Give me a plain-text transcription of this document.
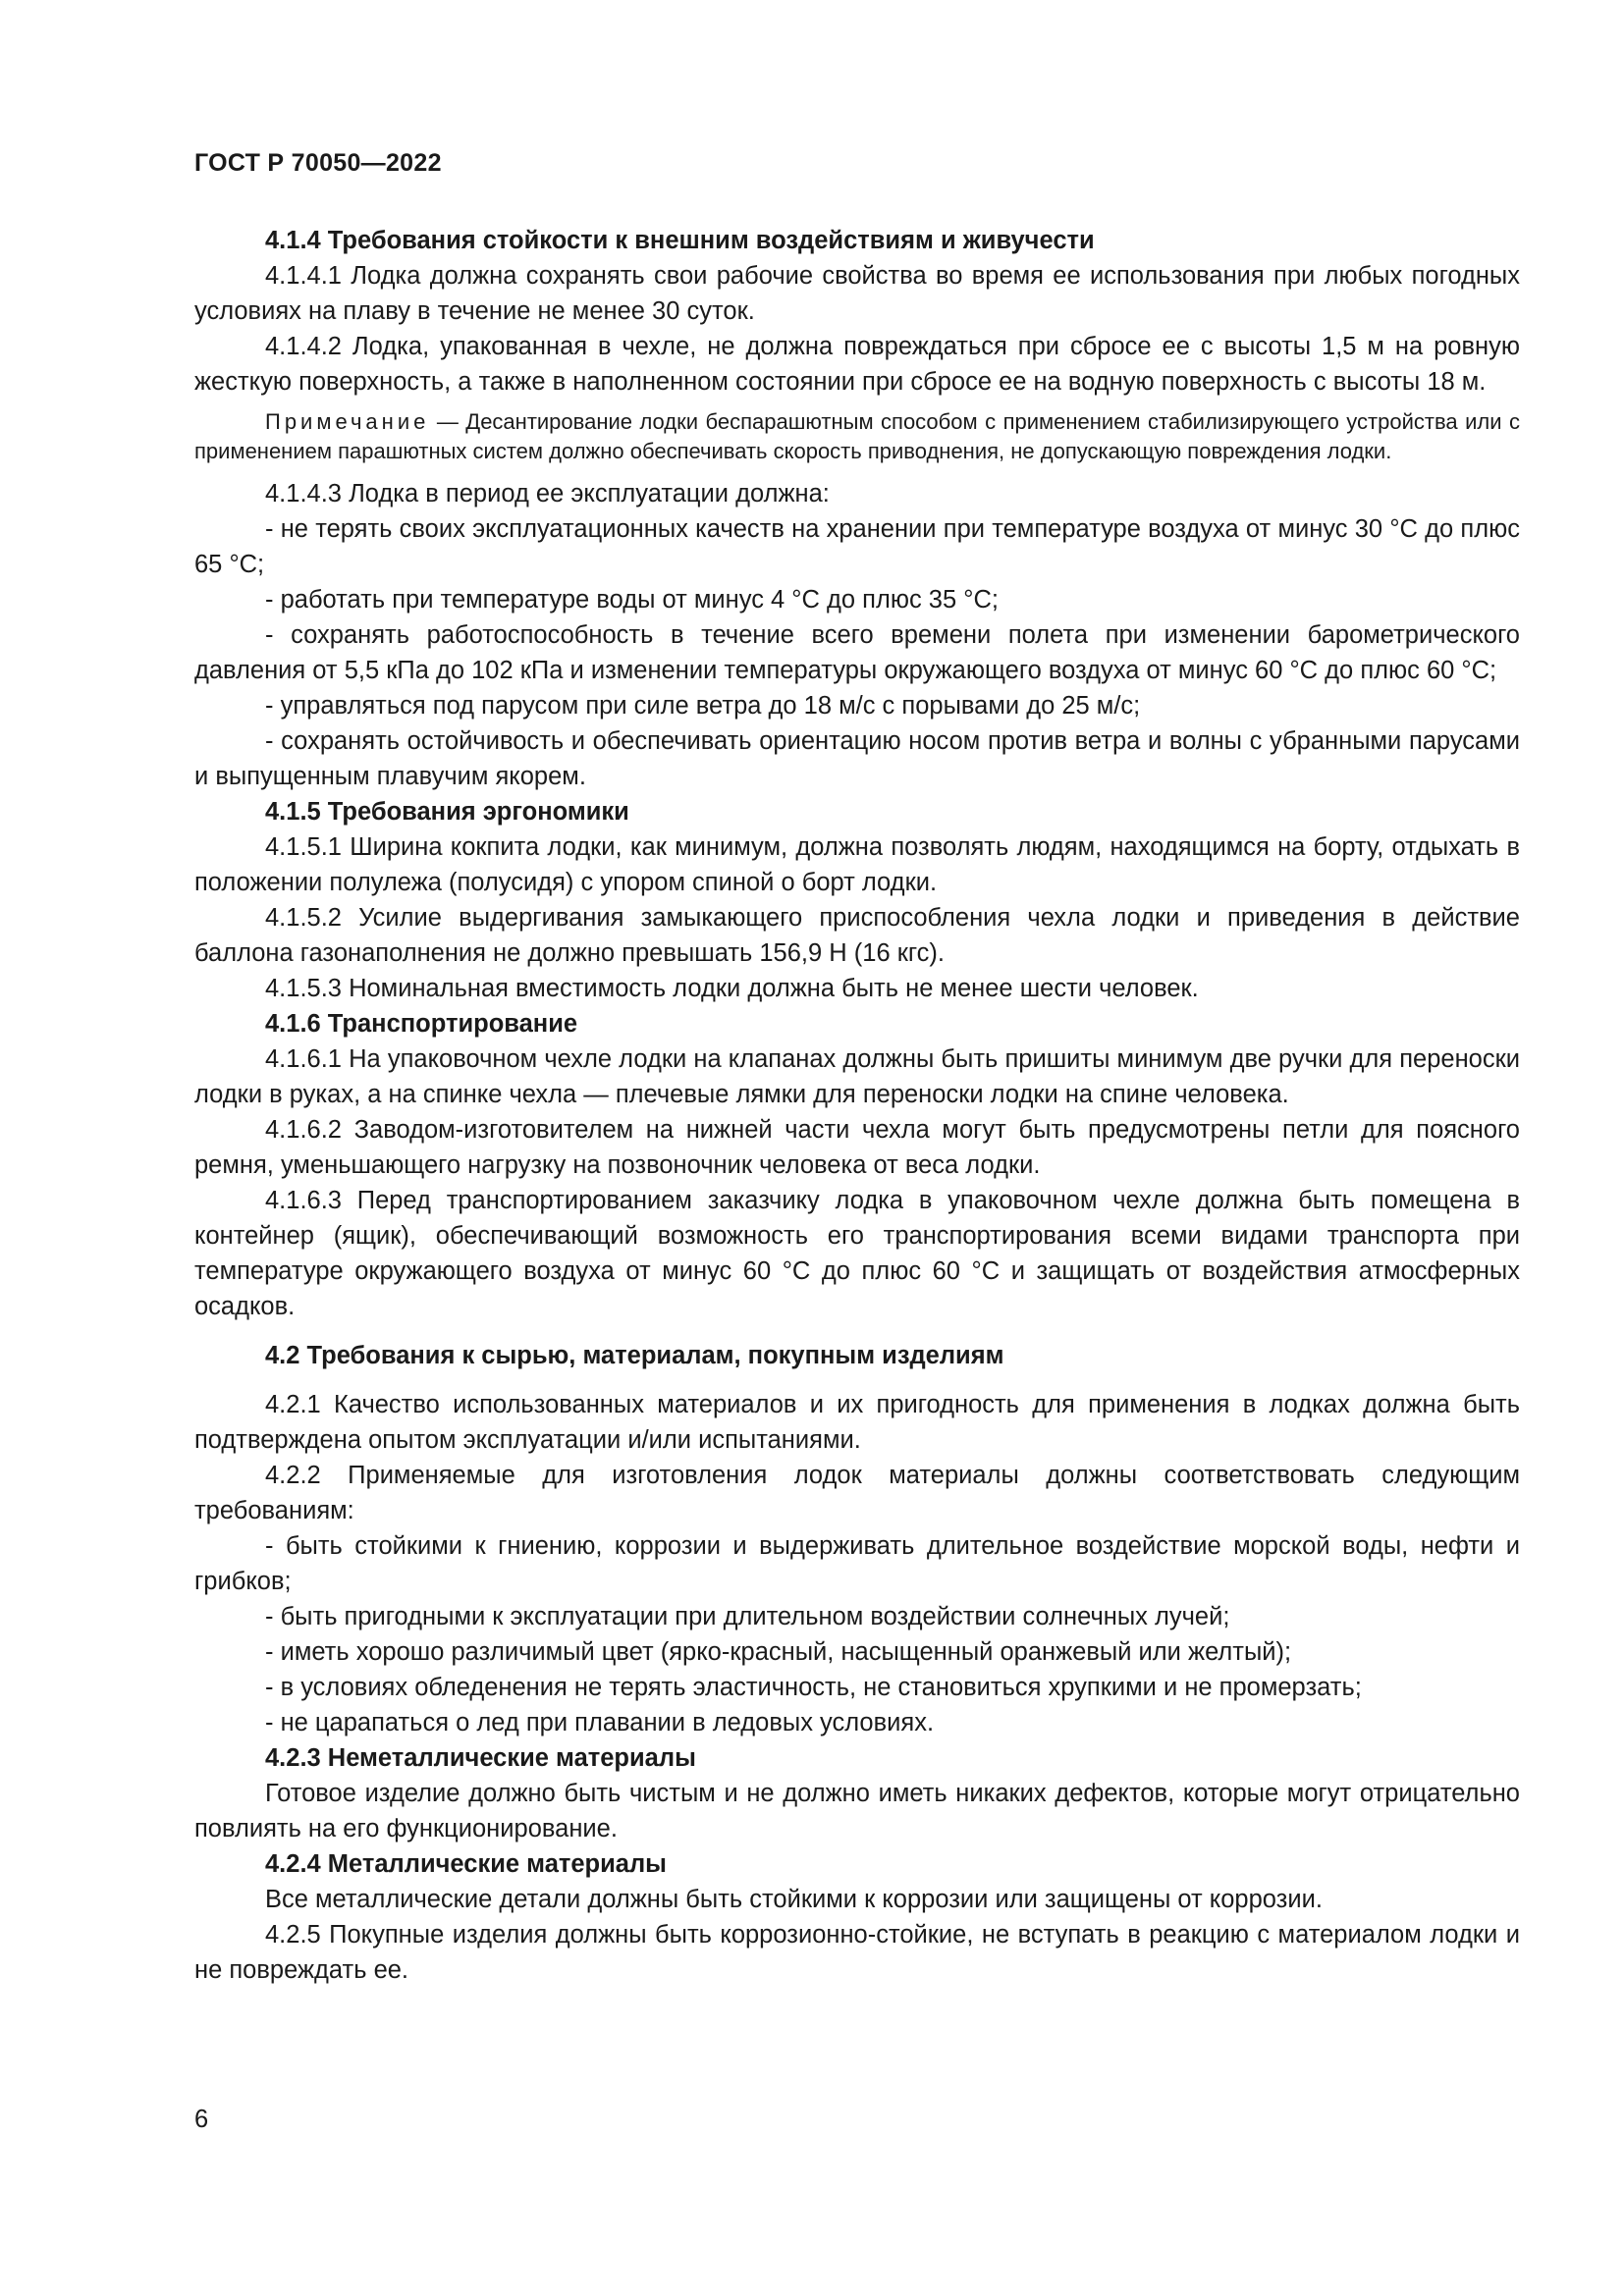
ГОСТ Р 70050—2022

4.1.4 Требования стойкости к внешним воздействиям и живучести

4.1.4.1 Лодка должна сохранять свои рабочие свойства во время ее использования при любых погодных условиях на плаву в течение не менее 30 суток.

4.1.4.2 Лодка, упакованная в чехле, не должна повреждаться при сбросе ее с высоты 1,5 м на ровную жесткую поверхность, а также в наполненном состоянии при сбросе ее на водную поверхность с высоты 18 м.

Примечание — Десантирование лодки беспарашютным способом с применением стабилизирующего устройства или с применением парашютных систем должно обеспечивать скорость приводнения, не допускающую повреждения лодки.

4.1.4.3 Лодка в период ее эксплуатации должна:

- не терять своих эксплуатационных качеств на хранении при температуре воздуха от минус 30 °С до плюс 65 °С;

- работать при температуре воды от минус 4 °С до плюс 35 °С;

- сохранять работоспособность в течение всего времени полета при изменении барометрического давления от 5,5 кПа до 102 кПа и изменении температуры окружающего воздуха от минус 60 °С до плюс 60 °С;

- управляться под парусом при силе ветра до 18 м/с с порывами до 25 м/с;

- сохранять остойчивость и обеспечивать ориентацию носом против ветра и волны с убранными парусами и выпущенным плавучим якорем.

4.1.5 Требования эргономики

4.1.5.1 Ширина кокпита лодки, как минимум, должна позволять людям, находящимся на борту, отдыхать в положении полулежа (полусидя) с упором спиной о борт лодки.

4.1.5.2 Усилие выдергивания замыкающего приспособления чехла лодки и приведения в действие баллона газонаполнения не должно превышать 156,9 Н (16 кгс).

4.1.5.3 Номинальная вместимость лодки должна быть не менее шести человек.

4.1.6 Транспортирование

4.1.6.1 На упаковочном чехле лодки на клапанах должны быть пришиты минимум две ручки для переноски лодки в руках, а на спинке чехла — плечевые лямки для переноски лодки на спине человека.

4.1.6.2 Заводом-изготовителем на нижней части чехла могут быть предусмотрены петли для поясного ремня, уменьшающего нагрузку на позвоночник человека от веса лодки.

4.1.6.3 Перед транспортированием заказчику лодка в упаковочном чехле должна быть помещена в контейнер (ящик), обеспечивающий возможность его транспортирования всеми видами транспорта при температуре окружающего воздуха от минус 60 °С до плюс 60 °С и защищать от воздействия атмосферных осадков.

4.2 Требования к сырью, материалам, покупным изделиям

4.2.1 Качество использованных материалов и их пригодность для применения в лодках должна быть подтверждена опытом эксплуатации и/или испытаниями.

4.2.2 Применяемые для изготовления лодок материалы должны соответствовать следующим требованиям:

- быть стойкими к гниению, коррозии и выдерживать длительное воздействие морской воды, нефти и грибков;

- быть пригодными к эксплуатации при длительном воздействии солнечных лучей;

- иметь хорошо различимый цвет (ярко-красный, насыщенный оранжевый или желтый);

- в условиях обледенения не терять эластичность, не становиться хрупкими и не промерзать;

- не царапаться о лед при плавании в ледовых условиях.

4.2.3 Неметаллические материалы

Готовое изделие должно быть чистым и не должно иметь никаких дефектов, которые могут отрицательно повлиять на его функционирование.

4.2.4 Металлические материалы

Все металлические детали должны быть стойкими к коррозии или защищены от коррозии.

4.2.5 Покупные изделия должны быть коррозионно-стойкие, не вступать в реакцию с материалом лодки и не повреждать ее.

6
